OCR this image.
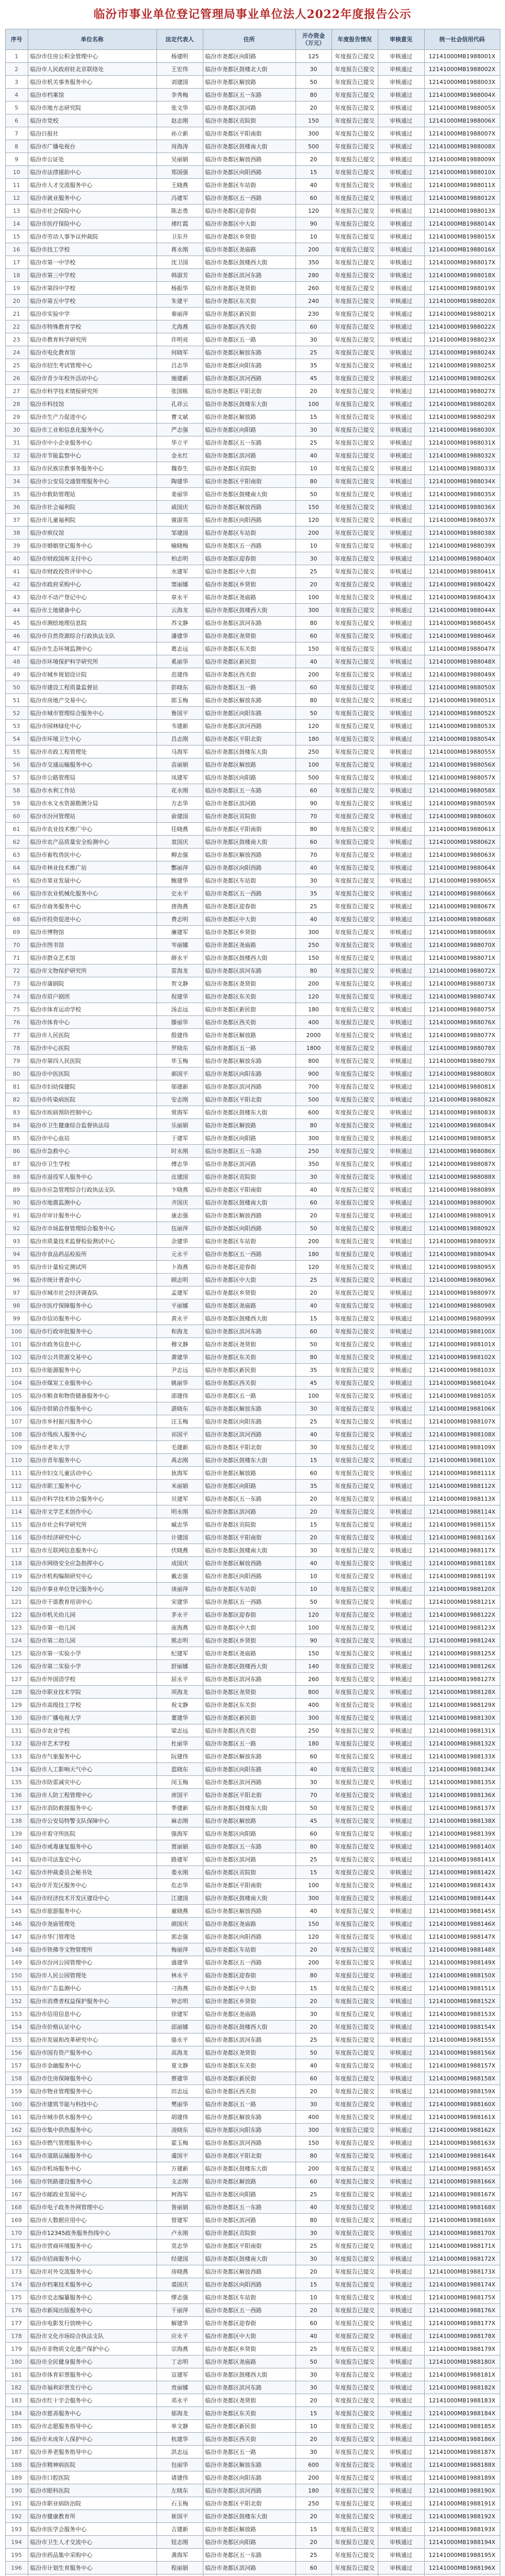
临汾市事业单位登记管理局事业单位法人2022年度报告公示
序号	单位名称	法定代表人	住所	开办资金（万元）	年度报告情况	审核意见	统一社会信用代码
1	临汾市住房公积金管理中心	杨建明	临汾市尧都区向阳路	125	年度报告已提交	审核通过	12141000MB1988001X
2	临汾市人民政府驻北京联络处	王宏伟	临汾市尧都区鼓楼北大街	30	年度报告已提交	审核通过	12141000MB1988002X
3	临汾市机关事务服务中心	刘建国	临汾市尧都区解放路	50	年度报告已提交	审核通过	12141000MB1988003X
4	临汾市档案馆	李秀梅	临汾市尧都区五一东路	80	年度报告已提交	审核通过	12141000MB1988004X
5	临汾市地方志研究院	张文华	临汾市尧都区滨河路	20	年度报告已提交	审核通过	12141000MB1988005X
6	临汾市党校	赵志刚	临汾市尧都区贡院街	150	年度报告已提交	审核通过	12141000MB1988006X
7	临汾日报社	孙立新	临汾市尧都区平阳南街	300	年度报告已提交	审核通过	12141000MB1988007X
8	临汾市广播电视台	周海涛	临汾市尧都区鼓楼南大街	500	年度报告已提交	审核通过	12141000MB1988008X
9	临汾市公证处	吴丽娟	临汾市尧都区解放西路	20	年度报告已提交	审核通过	12141000MB1988009X
10	临汾市法律援助中心	郑国强	临汾市尧都区向阳西路	15	年度报告已提交	审核通过	12141000MB1988010X
11	临汾市人才交流服务中心	王晓燕	临汾市尧都区车站街	40	年度报告已提交	审核通过	12141000MB1988011X
12	临汾市就业服务中心	冯建军	临汾市尧都区五一西路	60	年度报告已提交	审核通过	12141000MB1988012X
13	临汾市社会保险中心	陈志勇	临汾市尧都区迎春街	120	年度报告已提交	审核通过	12141000MB1988013X
14	临汾市医疗保险中心	褚红霞	临汾市尧都区中大街	90	年度报告已提交	审核通过	12141000MB1988014X
15	临汾市劳动人事争议仲裁院	卫东升	临汾市尧都区乡贤街	10	年度报告已提交	审核通过	12141000MB1988015X
16	临汾市技工学校	蒋永刚	临汾市尧都区尧庙路	200	年度报告已提交	审核通过	12141000MB1988016X
17	临汾市第一中学校	沈卫国	临汾市尧都区鼓楼西大街	350	年度报告已提交	审核通过	12141000MB1988017X
18	临汾市第三中学校	韩淑芳	临汾市尧都区滨河东路	280	年度报告已提交	审核通过	12141000MB1988018X
19	临汾市第四中学校	杨振华	临汾市尧都区尧贤街	260	年度报告已提交	审核通过	12141000MB1988019X
20	临汾市第五中学校	朱建平	临汾市尧都区东关街	240	年度报告已提交	审核通过	12141000MB1988020X
21	临汾市实验中学	秦丽萍	临汾市尧都区新民街	230	年度报告已提交	审核通过	12141000MB1988021X
22	临汾市特殊教育学校	尤海燕	临汾市尧都区西关街	60	年度报告已提交	审核通过	12141000MB1988022X
23	临汾市教育科学研究所	许明亮	临汾市尧都区五一路	30	年度报告已提交	审核通过	12141000MB1988023X
24	临汾市电化教育馆	何晓军	临汾市尧都区解放东路	25	年度报告已提交	审核通过	12141000MB1988024X
25	临汾市招生考试管理中心	吕志华	临汾市尧都区向阳东路	35	年度报告已提交	审核通过	12141000MB1988025X
26	临汾市青少年校外活动中心	施建新	临汾市尧都区滨河西路	45	年度报告已提交	审核通过	12141000MB1988026X
27	临汾市科学技术情报研究所	张国栋	临汾市尧都区平阳北街	20	年度报告已提交	审核通过	12141000MB1988027X
28	临汾市科技馆	孔祥云	临汾市尧都区鼓楼东大街	100	年度报告已提交	审核通过	12141000MB1988028X
29	临汾市生产力促进中心	曹文斌	临汾市尧都区解放路	15	年度报告已提交	审核通过	12141000MB1988029X
30	临汾市工业和信息化服务中心	严志强	临汾市尧都区向阳路	30	年度报告已提交	审核通过	12141000MB1988030X
31	临汾市中小企业服务中心	华立平	临汾市尧都区五一东路	25	年度报告已提交	审核通过	12141000MB1988031X
32	临汾市节能监察中心	金永红	临汾市尧都区滨河路	40	年度报告已提交	审核通过	12141000MB1988032X
33	临汾市民族宗教事务服务中心	魏春生	临汾市尧都区贡院街	10	年度报告已提交	审核通过	12141000MB1988033X
34	临汾市公安局交通管理服务中心	陶建华	临汾市尧都区平阳南街	80	年度报告已提交	审核通过	12141000MB1988034X
35	临汾市救助管理站	姜丽华	临汾市尧都区鼓楼南大街	50	年度报告已提交	审核通过	12141000MB1988035X
36	临汾市社会福利院	戚国庆	临汾市尧都区解放西路	150	年度报告已提交	审核通过	12141000MB1988036X
37	临汾市儿童福利院	谢淑英	临汾市尧都区向阳西路	120	年度报告已提交	审核通过	12141000MB1988037X
38	临汾市殡仪馆	邹建国	临汾市尧都区车站街	200	年度报告已提交	审核通过	12141000MB1988038X
39	临汾市婚姻登记服务中心	喻晓梅	临汾市尧都区五一西路	10	年度报告已提交	审核通过	12141000MB1988039X
40	临汾市财政国库支付中心	柏志明	临汾市尧都区迎春街	30	年度报告已提交	审核通过	12141000MB1988040X
41	临汾市财政投资评审中心	水建军	临汾市尧都区中大街	25	年度报告已提交	审核通过	12141000MB1988041X
42	临汾市政府采购中心	窦丽娜	临汾市尧都区乡贤街	20	年度报告已提交	审核通过	12141000MB1988042X
43	临汾市不动产登记中心	章永平	临汾市尧都区尧庙路	100	年度报告已提交	审核通过	12141000MB1988043X
44	临汾市土地储备中心	云海龙	临汾市尧都区鼓楼西大街	300	年度报告已提交	审核通过	12141000MB1988044X
45	临汾市测绘地理信息院	苏文静	临汾市尧都区滨河东路	80	年度报告已提交	审核通过	12141000MB1988045X
46	临汾市自然资源综合行政执法支队	潘建华	临汾市尧都区尧贤街	60	年度报告已提交	审核通过	12141000MB1988046X
47	临汾市生态环境监测中心	葛志远	临汾市尧都区东关街	150	年度报告已提交	审核通过	12141000MB1988047X
48	临汾市环境保护科学研究所	奚丽华	临汾市尧都区新民街	40	年度报告已提交	审核通过	12141000MB1988048X
49	临汾市城乡规划设计院	范建伟	临汾市尧都区西关街	200	年度报告已提交	审核通过	12141000MB1988049X
50	临汾市建设工程质量监督站	彭晓东	临汾市尧都区五一路	60	年度报告已提交	审核通过	12141000MB1988050X
51	临汾市房地产交易中心	郎玉梅	临汾市尧都区解放东路	80	年度报告已提交	审核通过	12141000MB1988051X
52	临汾市城市管理综合服务中心	鲁国平	临汾市尧都区向阳东路	50	年度报告已提交	审核通过	12141000MB1988052X
53	临汾市园林绿化中心	韦建新	临汾市尧都区滨河西路	120	年度报告已提交	审核通过	12141000MB1988053X
54	临汾市环境卫生中心	昌志刚	临汾市尧都区平阳北街	180	年度报告已提交	审核通过	12141000MB1988054X
55	临汾市市政工程管理处	马海军	临汾市尧都区鼓楼东大街	250	年度报告已提交	审核通过	12141000MB1988055X
56	临汾市交通运输服务中心	苗丽娟	临汾市尧都区解放路	100	年度报告已提交	审核通过	12141000MB1988056X
57	临汾市公路管理局	凤建军	临汾市尧都区向阳路	500	年度报告已提交	审核通过	12141000MB1988057X
58	临汾市水利工作站	花永刚	临汾市尧都区五一东路	60	年度报告已提交	审核通过	12141000MB1988058X
59	临汾市水文水资源勘测分局	方志华	临汾市尧都区滨河路	90	年度报告已提交	审核通过	12141000MB1988059X
60	临汾市汾河管理站	俞建国	临汾市尧都区贡院街	70	年度报告已提交	审核通过	12141000MB1988060X
61	临汾市农业技术推广中心	任晓燕	临汾市尧都区平阳南街	80	年度报告已提交	审核通过	12141000MB1988061X
62	临汾市农产品质量安全检测中心	袁国庆	临汾市尧都区鼓楼南大街	60	年度报告已提交	审核通过	12141000MB1988062X
63	临汾市畜牧兽医中心	柳志强	临汾市尧都区解放西路	70	年度报告已提交	审核通过	12141000MB1988063X
64	临汾市林业技术推广站	酆丽萍	临汾市尧都区向阳西路	40	年度报告已提交	审核通过	12141000MB1988064X
65	临汾市果业发展中心	鲍建华	临汾市尧都区车站街	30	年度报告已提交	审核通过	12141000MB1988065X
66	临汾市农业机械化服务中心	史永平	临汾市尧都区五一西路	35	年度报告已提交	审核通过	12141000MB1988066X
67	临汾市商务服务中心	唐海燕	临汾市尧都区迎春街	25	年度报告已提交	审核通过	12141000MB1988067X
68	临汾市投资促进中心	费志明	临汾市尧都区中大街	40	年度报告已提交	审核通过	12141000MB1988068X
69	临汾市博物馆	廉建军	临汾市尧都区乡贤街	300	年度报告已提交	审核通过	12141000MB1988069X
70	临汾市图书馆	岑丽娜	临汾市尧都区尧庙路	250	年度报告已提交	审核通过	12141000MB1988070X
71	临汾市群众艺术馆	薛永平	临汾市尧都区鼓楼西大街	150	年度报告已提交	审核通过	12141000MB1988071X
72	临汾市文物保护研究所	雷海龙	临汾市尧都区滨河东路	80	年度报告已提交	审核通过	12141000MB1988072X
73	临汾市蒲剧院	贺文静	临汾市尧都区尧贤街	200	年度报告已提交	审核通过	12141000MB1988073X
74	临汾市眉户剧团	倪建华	临汾市尧都区东关街	120	年度报告已提交	审核通过	12141000MB1988074X
75	临汾市体育运动学校	汤志远	临汾市尧都区新民街	180	年度报告已提交	审核通过	12141000MB1988075X
76	临汾市体育中心	滕丽华	临汾市尧都区西关街	400	年度报告已提交	审核通过	12141000MB1988076X
77	临汾市人民医院	殷建伟	临汾市尧都区解放路	2000	年度报告已提交	审核通过	12141000MB1988077X
78	临汾市中心医院	罗晓东	临汾市尧都区五一路	1800	年度报告已提交	审核通过	12141000MB1988078X
79	临汾市第四人民医院	毕玉梅	临汾市尧都区解放东路	800	年度报告已提交	审核通过	12141000MB1988079X
80	临汾市中医医院	郝国平	临汾市尧都区向阳东路	900	年度报告已提交	审核通过	12141000MB1988080X
81	临汾市妇幼保健院	邬建新	临汾市尧都区滨河西路	700	年度报告已提交	审核通过	12141000MB1988081X
82	临汾市传染病医院	安志刚	临汾市尧都区平阳北街	500	年度报告已提交	审核通过	12141000MB1988082X
83	临汾市疾病预防控制中心	常海军	临汾市尧都区鼓楼东大街	600	年度报告已提交	审核通过	12141000MB1988083X
84	临汾市卫生健康综合监督执法局	乐丽娟	临汾市尧都区解放路	80	年度报告已提交	审核通过	12141000MB1988084X
85	临汾市中心血站	于建军	临汾市尧都区向阳路	300	年度报告已提交	审核通过	12141000MB1988085X
86	临汾市急救中心	时永刚	临汾市尧都区五一东路	250	年度报告已提交	审核通过	12141000MB1988086X
87	临汾市卫生学校	傅志华	临汾市尧都区滨河路	350	年度报告已提交	审核通过	12141000MB1988087X
88	临汾市退役军人服务中心	皮建国	临汾市尧都区贡院街	30	年度报告已提交	审核通过	12141000MB1988088X
89	临汾市应急管理综合行政执法支队	卞晓燕	临汾市尧都区平阳南街	40	年度报告已提交	审核通过	12141000MB1988089X
90	临汾市地震监测中心	齐国庆	临汾市尧都区鼓楼南大街	60	年度报告已提交	审核通过	12141000MB1988090X
91	临汾市审计服务中心	康志强	临汾市尧都区解放西路	20	年度报告已提交	审核通过	12141000MB1988091X
92	临汾市市场监督管理综合服务中心	伍丽萍	临汾市尧都区向阳西路	50	年度报告已提交	审核通过	12141000MB1988092X
93	临汾市质量技术监督检验测试中心	余建华	临汾市尧都区车站街	200	年度报告已提交	审核通过	12141000MB1988093X
94	临汾市食品药品检验所	元永平	临汾市尧都区五一西路	180	年度报告已提交	审核通过	12141000MB1988094X
95	临汾市计量检定测试所	卜海燕	临汾市尧都区迎春街	120	年度报告已提交	审核通过	12141000MB1988095X
96	临汾市统计普查中心	顾志明	临汾市尧都区中大街	25	年度报告已提交	审核通过	12141000MB1988096X
97	临汾市城市社会经济调查队	孟建军	临汾市尧都区乡贤街	20	年度报告已提交	审核通过	12141000MB1988097X
98	临汾市医疗保障服务中心	平丽娜	临汾市尧都区尧庙路	40	年度报告已提交	审核通过	12141000MB1988098X
99	临汾市信访服务中心	黄永平	临汾市尧都区鼓楼西大街	15	年度报告已提交	审核通过	12141000MB1988099X
100	临汾市行政审批服务中心	和海龙	临汾市尧都区滨河东路	60	年度报告已提交	审核通过	12141000MB1988100X
101	临汾市政务信息中心	穆文静	临汾市尧都区尧贤街	50	年度报告已提交	审核通过	12141000MB1988101X
102	临汾市公共资源交易中心	萧建华	临汾市尧都区东关街	80	年度报告已提交	审核通过	12141000MB1988102X
103	临汾市能源服务中心	尹志远	临汾市尧都区新民街	35	年度报告已提交	审核通过	12141000MB1988103X
104	临汾市煤炭工业服务中心	姚丽华	临汾市尧都区西关街	45	年度报告已提交	审核通过	12141000MB1988104X
105	临汾市粮食和物资储备服务中心	邵建伟	临汾市尧都区五一路	100	年度报告已提交	审核通过	12141000MB1988105X
106	临汾市供销合作服务中心	湛晓东	临汾市尧都区解放东路	30	年度报告已提交	审核通过	12141000MB1988106X
107	临汾市乡村振兴服务中心	汪玉梅	临汾市尧都区向阳东路	25	年度报告已提交	审核通过	12141000MB1988107X
108	临汾市残疾人服务中心	祁国平	临汾市尧都区滨河西路	40	年度报告已提交	审核通过	12141000MB1988108X
109	临汾市老年大学	毛建新	临汾市尧都区平阳北街	30	年度报告已提交	审核通过	12141000MB1988109X
110	临汾市青年服务中心	禹志刚	临汾市尧都区鼓楼东大街	15	年度报告已提交	审核通过	12141000MB1988110X
111	临汾市妇女儿童活动中心	狄海军	临汾市尧都区解放路	60	年度报告已提交	审核通过	12141000MB1988111X
112	临汾市职工服务中心	米丽娟	临汾市尧都区向阳路	35	年度报告已提交	审核通过	12141000MB1988112X
113	临汾市科学技术协会服务中心	贝建军	临汾市尧都区五一东路	20	年度报告已提交	审核通过	12141000MB1988113X
114	临汾市文学艺术创作中心	明永刚	临汾市尧都区滨河路	20	年度报告已提交	审核通过	12141000MB1988114X
115	临汾市社会科学研究所	臧志华	临汾市尧都区贡院街	15	年度报告已提交	审核通过	12141000MB1988115X
116	临汾市经济研究中心	计建国	临汾市尧都区平阳南街	20	年度报告已提交	审核通过	12141000MB1988116X
117	临汾市互联网信息服务中心	伏晓燕	临汾市尧都区鼓楼南大街	30	年度报告已提交	审核通过	12141000MB1988117X
118	临汾市网络安全应急指挥中心	成国庆	临汾市尧都区解放西路	40	年度报告已提交	审核通过	12141000MB1988118X
119	临汾市机构编制研究中心	戴志强	临汾市尧都区向阳西路	10	年度报告已提交	审核通过	12141000MB1988119X
120	临汾市事业单位登记服务中心	谈丽萍	临汾市尧都区车站街	10	年度报告已提交	审核通过	12141000MB1988120X
121	临汾市干部教育培训中心	宋建华	临汾市尧都区五一西路	50	年度报告已提交	审核通过	12141000MB1988121X
122	临汾市机关幼儿园	茅永平	临汾市尧都区迎春街	120	年度报告已提交	审核通过	12141000MB1988122X
123	临汾市第一幼儿园	庞海燕	临汾市尧都区中大街	100	年度报告已提交	审核通过	12141000MB1988123X
124	临汾市第二幼儿园	熊志明	临汾市尧都区乡贤街	90	年度报告已提交	审核通过	12141000MB1988124X
125	临汾市第一实验小学	纪建军	临汾市尧都区尧庙路	150	年度报告已提交	审核通过	12141000MB1988125X
126	临汾市第二实验小学	舒丽娜	临汾市尧都区鼓楼西大街	140	年度报告已提交	审核通过	12141000MB1988126X
127	临汾市外国语学校	屈永平	临汾市尧都区滨河东路	260	年度报告已提交	审核通过	12141000MB1988127X
128	临汾市职业技术学院	项海龙	临汾市尧都区尧贤街	800	年度报告已提交	审核通过	12141000MB1988128X
129	临汾市高级技工学校	祝文静	临汾市尧都区东关街	400	年度报告已提交	审核通过	12141000MB1988129X
130	临汾市广播电视大学	董建华	临汾市尧都区新民街	300	年度报告已提交	审核通过	12141000MB1988130X
131	临汾市农业学校	梁志远	临汾市尧都区西关街	250	年度报告已提交	审核通过	12141000MB1988131X
132	临汾市艺术学校	杜丽华	临汾市尧都区五一路	180	年度报告已提交	审核通过	12141000MB1988132X
133	临汾市气象服务中心	阮建伟	临汾市尧都区解放东路	60	年度报告已提交	审核通过	12141000MB1988133X
134	临汾市人工影响天气中心	蓝晓东	临汾市尧都区向阳东路	40	年度报告已提交	审核通过	12141000MB1988134X
135	临汾市防雷减灾中心	闵玉梅	临汾市尧都区滨河西路	30	年度报告已提交	审核通过	12141000MB1988135X
136	临汾市人防工程管理中心	席国平	临汾市尧都区平阳北街	70	年度报告已提交	审核通过	12141000MB1988136X
137	临汾市消防救援服务中心	季建新	临汾市尧都区鼓楼东大街	50	年度报告已提交	审核通过	12141000MB1988137X
138	临汾市公安局特警支队保障中心	麻志刚	临汾市尧都区解放路	45	年度报告已提交	审核通过	12141000MB1988138X
139	临汾市看守所医院	强海军	临汾市尧都区向阳路	60	年度报告已提交	审核通过	12141000MB1988139X
140	临汾市戒毒康复服务中心	贾丽娟	临汾市尧都区五一东路	80	年度报告已提交	审核通过	12141000MB1988140X
141	临汾市司法鉴定中心	路建军	临汾市尧都区滨河路	25	年度报告已提交	审核通过	12141000MB1988141X
142	临汾市仲裁委员会秘书处	娄永刚	临汾市尧都区贡院街	15	年度报告已提交	审核通过	12141000MB1988142X
143	临汾市开发区服务中心	危志华	临汾市尧都区平阳南街	100	年度报告已提交	审核通过	12141000MB1988143X
144	临汾市经济技术开发区建设中心	江建国	临汾市尧都区鼓楼南大街	300	年度报告已提交	审核通过	12141000MB1988144X
145	临汾市旅游服务中心	童晓燕	临汾市尧都区解放西路	40	年度报告已提交	审核通过	12141000MB1988145X
146	临汾市尧庙管理处	颜国庆	临汾市尧都区尧庙路	150	年度报告已提交	审核通过	12141000MB1988146X
147	临汾市华门管理处	郭志强	临汾市尧都区向阳西路	120	年度报告已提交	审核通过	12141000MB1988147X
148	临汾市铁佛寺文物管理所	梅丽萍	临汾市尧都区车站街	20	年度报告已提交	审核通过	12141000MB1988148X
149	临汾市汾河公园管理中心	盛建华	临汾市尧都区五一西路	200	年度报告已提交	审核通过	12141000MB1988149X
150	临汾市人民公园管理处	林永平	临汾市尧都区迎春街	80	年度报告已提交	审核通过	12141000MB1988150X
151	临汾市广告监测中心	刁海燕	临汾市尧都区中大街	15	年度报告已提交	审核通过	12141000MB1988151X
152	临汾市消费者权益保护服务中心	钟志明	临汾市尧都区乡贤街	20	年度报告已提交	审核通过	12141000MB1988152X
153	临汾市信用信息中心	徐建军	临汾市尧都区尧庙路	30	年度报告已提交	审核通过	12141000MB1988153X
154	临汾市价格认证中心	邱丽娜	临汾市尧都区鼓楼西大街	20	年度报告已提交	审核通过	12141000MB1988154X
155	临汾市发展和改革研究中心	骆永平	临汾市尧都区滨河东路	25	年度报告已提交	审核通过	12141000MB1988155X
156	临汾市国有资产服务中心	高海龙	临汾市尧都区尧贤街	50	年度报告已提交	审核通过	12141000MB1988156X
157	临汾市金融服务中心	夏文静	临汾市尧都区东关街	40	年度报告已提交	审核通过	12141000MB1988157X
158	临汾市住房保障服务中心	蔡建华	临汾市尧都区新民街	60	年度报告已提交	审核通过	12141000MB1988158X
159	临汾市物业管理服务中心	田志远	临汾市尧都区西关街	20	年度报告已提交	审核通过	12141000MB1988159X
160	临汾市建筑节能与科技中心	樊丽华	临汾市尧都区五一路	30	年度报告已提交	审核通过	12141000MB1988160X
161	临汾市城市供水服务中心	胡建伟	临汾市尧都区解放东路	400	年度报告已提交	审核通过	12141000MB1988161X
162	临汾市集中供热服务中心	凌晓东	临汾市尧都区向阳东路	300	年度报告已提交	审核通过	12141000MB1988162X
163	临汾市燃气管理服务中心	霍玉梅	临汾市尧都区滨河西路	150	年度报告已提交	审核通过	12141000MB1988163X
164	临汾市道路运输服务中心	虞国平	临汾市尧都区平阳北街	80	年度报告已提交	审核通过	12141000MB1988164X
165	临汾市机场服务中心	万建新	临汾市尧都区鼓楼东大街	200	年度报告已提交	审核通过	12141000MB1988165X
166	临汾市铁路建设服务中心	支志刚	临汾市尧都区解放路	60	年度报告已提交	审核通过	12141000MB1988166X
167	临汾市邮政业发展中心	柯海军	临汾市尧都区向阳路	25	年度报告已提交	审核通过	12141000MB1988167X
168	临汾市电子政务外网管理中心	昝丽娟	临汾市尧都区五一东路	40	年度报告已提交	审核通过	12141000MB1988168X
169	临汾市大数据应用中心	管建军	临汾市尧都区滨河路	80	年度报告已提交	审核通过	12141000MB1988169X
170	临汾市12345政务服务热线中心	卢永刚	临汾市尧都区贡院街	30	年度报告已提交	审核通过	12141000MB1988170X
171	临汾市营商环境服务中心	莫志华	临汾市尧都区平阳南街	25	年度报告已提交	审核通过	12141000MB1988171X
172	临汾市招商服务中心	经建国	临汾市尧都区鼓楼南大街	30	年度报告已提交	审核通过	12141000MB1988172X
173	临汾市对外交流服务中心	房晓燕	临汾市尧都区解放西路	20	年度报告已提交	审核通过	12141000MB1988173X
174	临汾市档案技术服务中心	裘国庆	临汾市尧都区向阳西路	15	年度报告已提交	审核通过	12141000MB1988174X
175	临汾市史志编纂服务中心	缪志强	临汾市尧都区车站街	10	年度报告已提交	审核通过	12141000MB1988175X
176	临汾市新闻出版服务中心	干丽萍	临汾市尧都区五一西路	20	年度报告已提交	审核通过	12141000MB1988176X
177	临汾市电影发行放映中心	解建华	临汾市尧都区迎春街	60	年度报告已提交	审核通过	12141000MB1988177X
178	临汾市文化市场综合执法支队	应永平	临汾市尧都区中大街	40	年度报告已提交	审核通过	12141000MB1988178X
179	临汾市非物质文化遗产保护中心	宗海燕	临汾市尧都区乡贤街	25	年度报告已提交	审核通过	12141000MB1988179X
180	临汾市全民健身服务中心	丁志明	临汾市尧都区尧庙路	50	年度报告已提交	审核通过	12141000MB1988180X
181	临汾市体育彩票服务中心	宣建军	临汾市尧都区鼓楼西大街	30	年度报告已提交	审核通过	12141000MB1988181X
182	临汾市福利彩票发行中心	贲丽娜	临汾市尧都区滨河东路	30	年度报告已提交	审核通过	12141000MB1988182X
183	临汾市红十字会服务中心	邓永平	临汾市尧都区尧贤街	20	年度报告已提交	审核通过	12141000MB1988183X
184	临汾市慈善服务中心	郁海龙	临汾市尧都区东关街	15	年度报告已提交	审核通过	12141000MB1988184X
185	临汾市志愿服务指导中心	单文静	临汾市尧都区新民街	10	年度报告已提交	审核通过	12141000MB1988185X
186	临汾市未成年人保护中心	杭建华	临汾市尧都区西关街	20	年度报告已提交	审核通过	12141000MB1988186X
187	临汾市养老服务指导中心	洪志远	临汾市尧都区五一路	30	年度报告已提交	审核通过	12141000MB1988187X
188	临汾市精神病医院	包丽华	临汾市尧都区解放东路	600	年度报告已提交	审核通过	12141000MB1988188X
189	临汾市口腔医院	诸建伟	临汾市尧都区向阳东路	200	年度报告已提交	审核通过	12141000MB1988189X
190	临汾市眼科医院	左晓东	临汾市尧都区滨河西路	180	年度报告已提交	审核通过	12141000MB1988190X
191	临汾市职业病防治院	石玉梅	临汾市尧都区平阳北街	250	年度报告已提交	审核通过	12141000MB1988191X
192	临汾市健康教育所	崔国平	临汾市尧都区鼓楼东大街	20	年度报告已提交	审核通过	12141000MB1988192X
193	临汾市医学会服务中心	吉建新	临汾市尧都区解放路	15	年度报告已提交	审核通过	12141000MB1988193X
194	临汾市卫生人才交流中心	钮志刚	临汾市尧都区向阳路	20	年度报告已提交	审核通过	12141000MB1988194X
195	临汾市药品集中采购中心	龚海军	临汾市尧都区五一东路	25	年度报告已提交	审核通过	12141000MB1988195X
196	临汾市计划生育服务中心	程丽娟	临汾市尧都区滨河路	60	年度报告已提交	审核通过	12141000MB1988196X
